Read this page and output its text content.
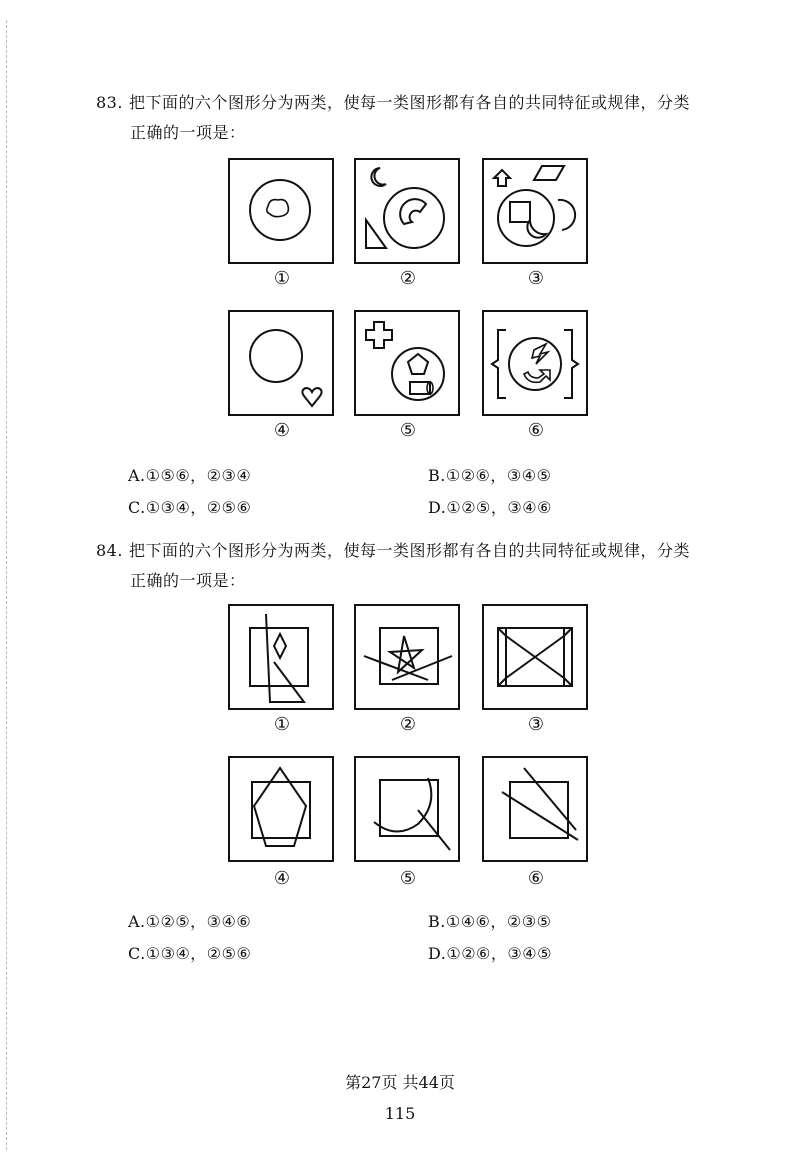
83. 把下面的六个图形分为两类，使每一类图形都有各自的共同特征或规律，分类
正确的一项是：
①	②	③
④	⑤	⑥
A.①⑤⑥，②③④	B.①②⑥，③④⑤
C.①③④，②⑤⑥	D.①②⑤，③④⑥
84. 把下面的六个图形分为两类，使每一类图形都有各自的共同特征或规律，分类
正确的一项是：
①	②	③
④	⑤	⑥
A.①②⑤，③④⑥	B.①④⑥，②③⑤
C.①③④，②⑤⑥	D.①②⑥，③④⑤
第27页 共44页
115
